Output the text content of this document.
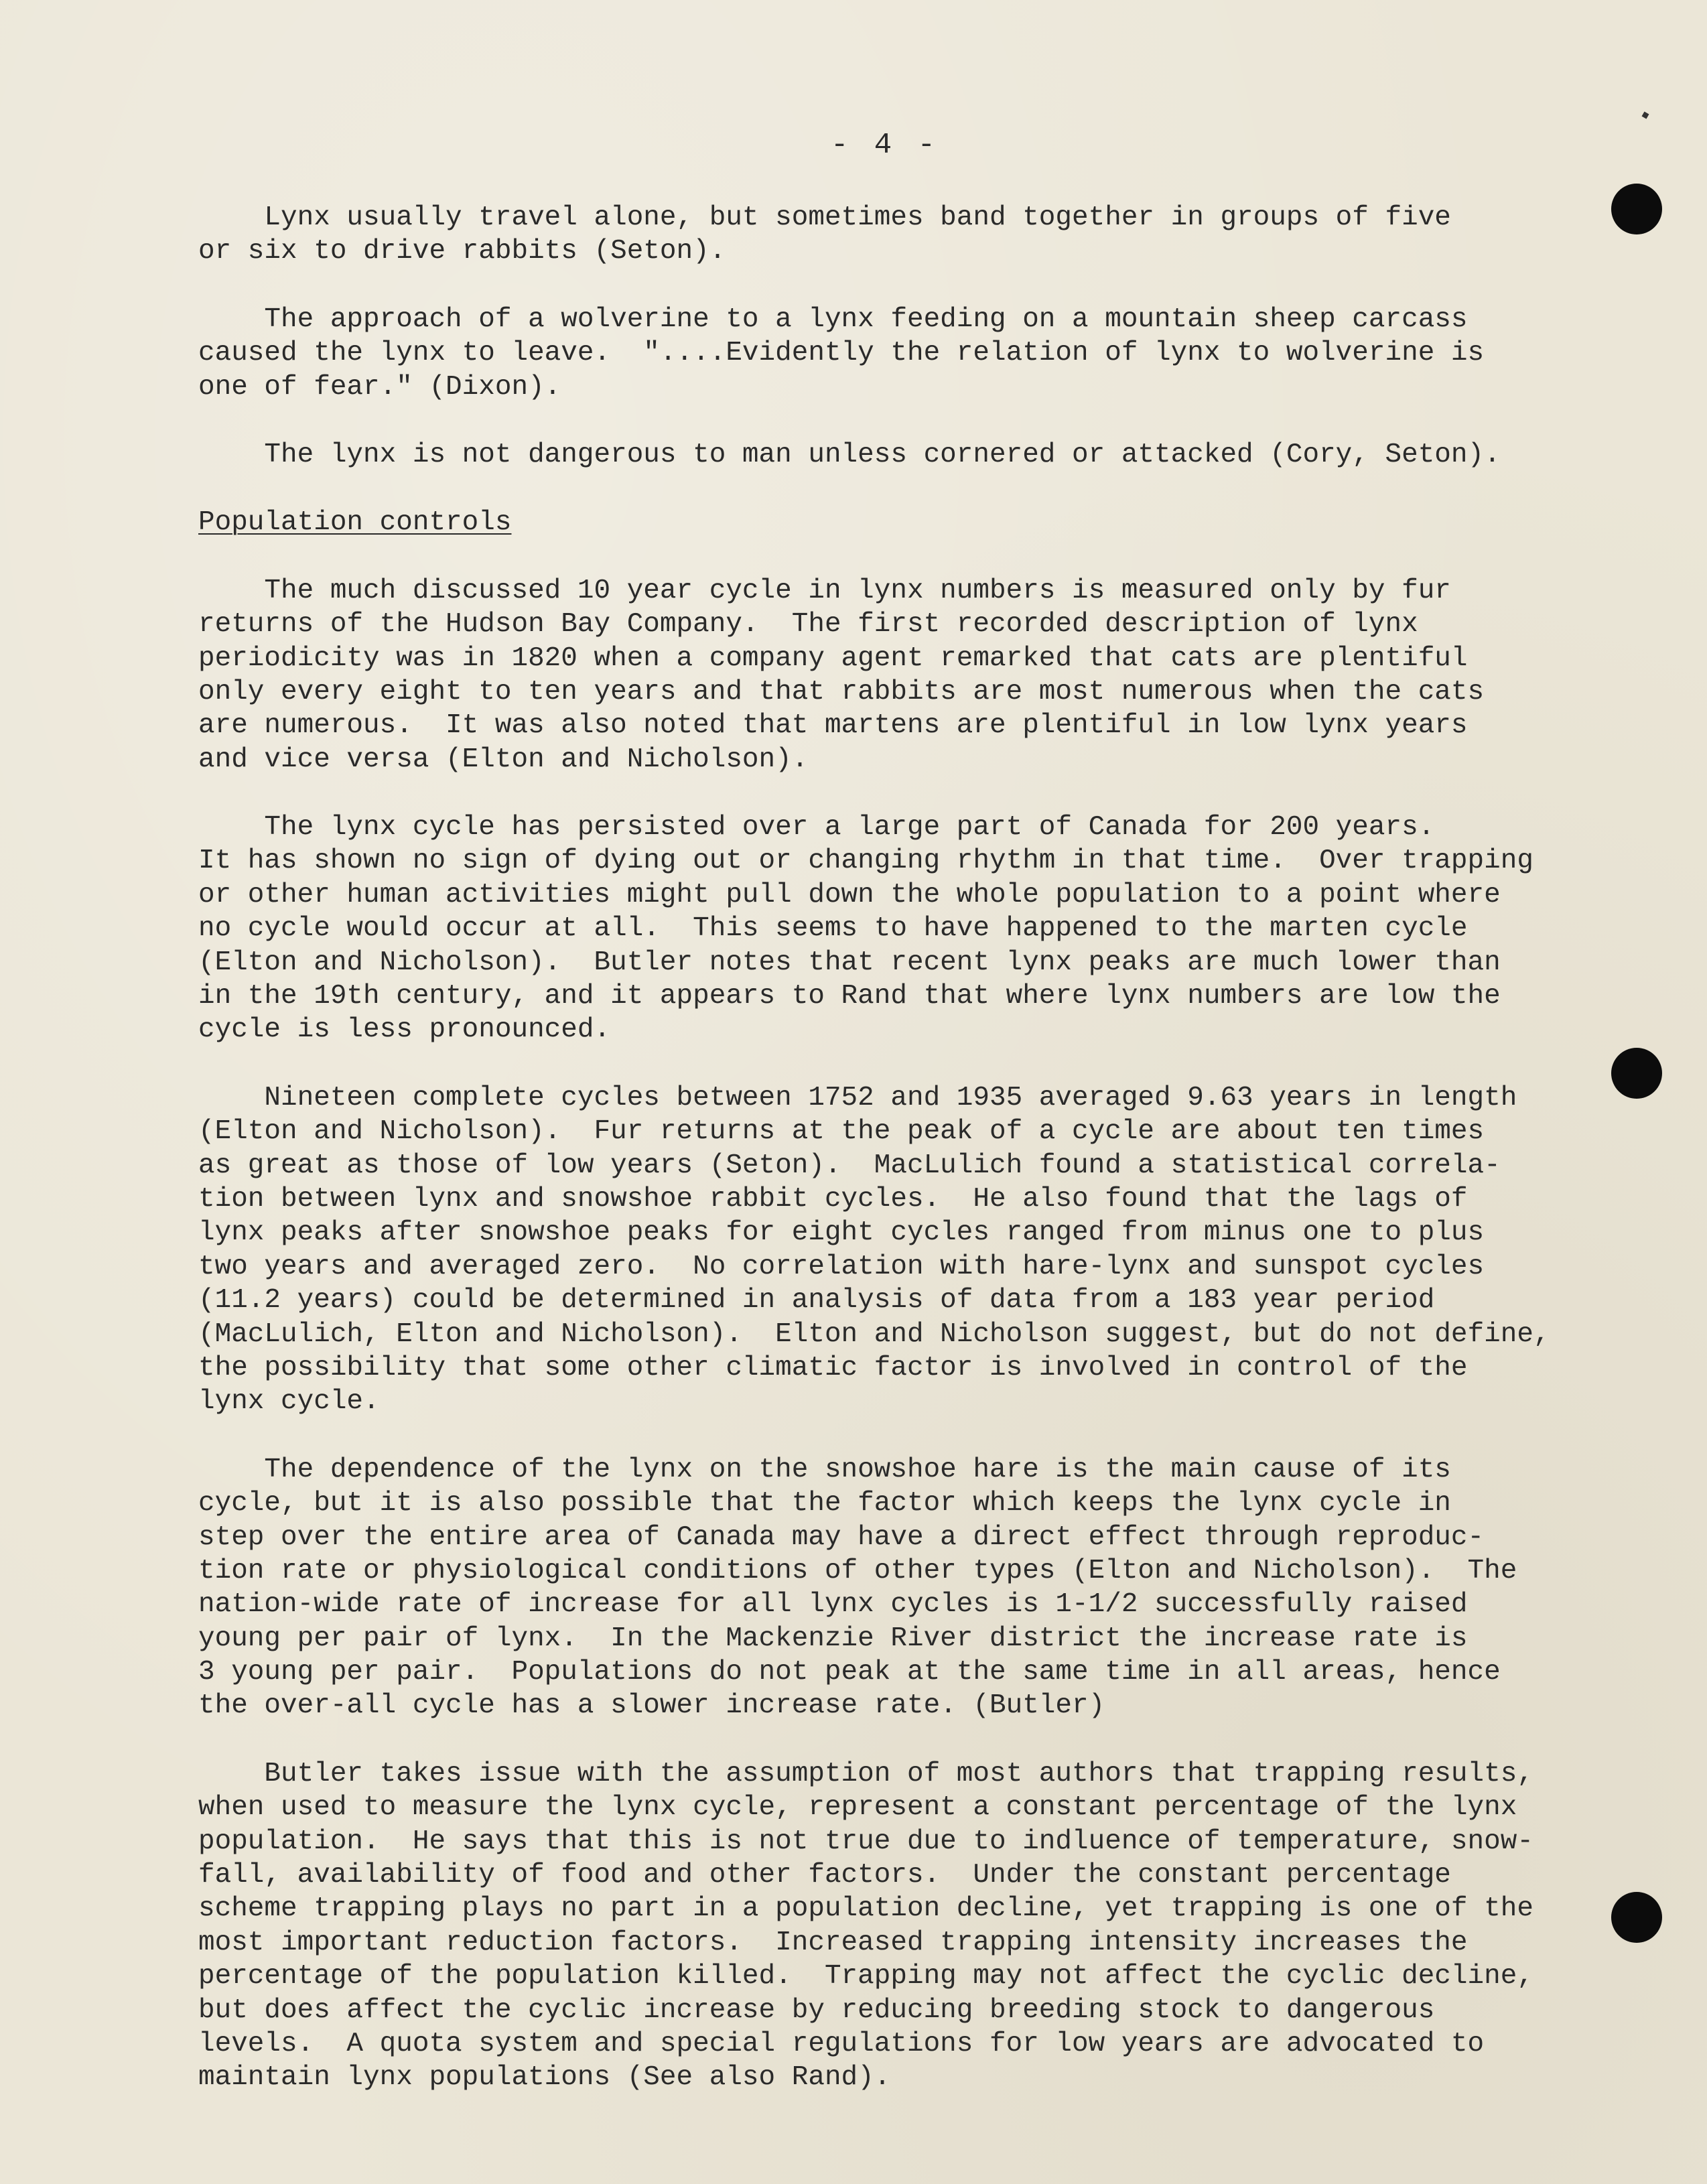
- 4 -
Lynx usually travel alone, but sometimes band together in groups of five
or six to drive rabbits (Seton).
The approach of a wolverine to a lynx feeding on a mountain sheep carcass
caused the lynx to leave.  "....Evidently the relation of lynx to wolverine is
one of fear." (Dixon).
The lynx is not dangerous to man unless cornered or attacked (Cory, Seton).
Population controls
The much discussed 10 year cycle in lynx numbers is measured only by fur
returns of the Hudson Bay Company.  The first recorded description of lynx
periodicity was in 1820 when a company agent remarked that cats are plentiful
only every eight to ten years and that rabbits are most numerous when the cats
are numerous.  It was also noted that martens are plentiful in low lynx years
and vice versa (Elton and Nicholson).
The lynx cycle has persisted over a large part of Canada for 200 years.
It has shown no sign of dying out or changing rhythm in that time.  Over trapping
or other human activities might pull down the whole population to a point where
no cycle would occur at all.  This seems to have happened to the marten cycle
(Elton and Nicholson).  Butler notes that recent lynx peaks are much lower than
in the 19th century, and it appears to Rand that where lynx numbers are low the
cycle is less pronounced.
Nineteen complete cycles between 1752 and 1935 averaged 9.63 years in length
(Elton and Nicholson).  Fur returns at the peak of a cycle are about ten times
as great as those of low years (Seton).  MacLulich found a statistical correla-
tion between lynx and snowshoe rabbit cycles.  He also found that the lags of
lynx peaks after snowshoe peaks for eight cycles ranged from minus one to plus
two years and averaged zero.  No correlation with hare-lynx and sunspot cycles
(11.2 years) could be determined in analysis of data from a 183 year period
(MacLulich, Elton and Nicholson).  Elton and Nicholson suggest, but do not define,
the possibility that some other climatic factor is involved in control of the
lynx cycle.
The dependence of the lynx on the snowshoe hare is the main cause of its
cycle, but it is also possible that the factor which keeps the lynx cycle in
step over the entire area of Canada may have a direct effect through reproduc-
tion rate or physiological conditions of other types (Elton and Nicholson).  The
nation-wide rate of increase for all lynx cycles is 1-1/2 successfully raised
young per pair of lynx.  In the Mackenzie River district the increase rate is
3 young per pair.  Populations do not peak at the same time in all areas, hence
the over-all cycle has a slower increase rate. (Butler)
Butler takes issue with the assumption of most authors that trapping results,
when used to measure the lynx cycle, represent a constant percentage of the lynx
population.  He says that this is not true due to indluence of temperature, snow-
fall, availability of food and other factors.  Under the constant percentage
scheme trapping plays no part in a population decline, yet trapping is one of the
most important reduction factors.  Increased trapping intensity increases the
percentage of the population killed.  Trapping may not affect the cyclic decline,
but does affect the cyclic increase by reducing breeding stock to dangerous
levels.  A quota system and special regulations for low years are advocated to
maintain lynx populations (See also Rand).
